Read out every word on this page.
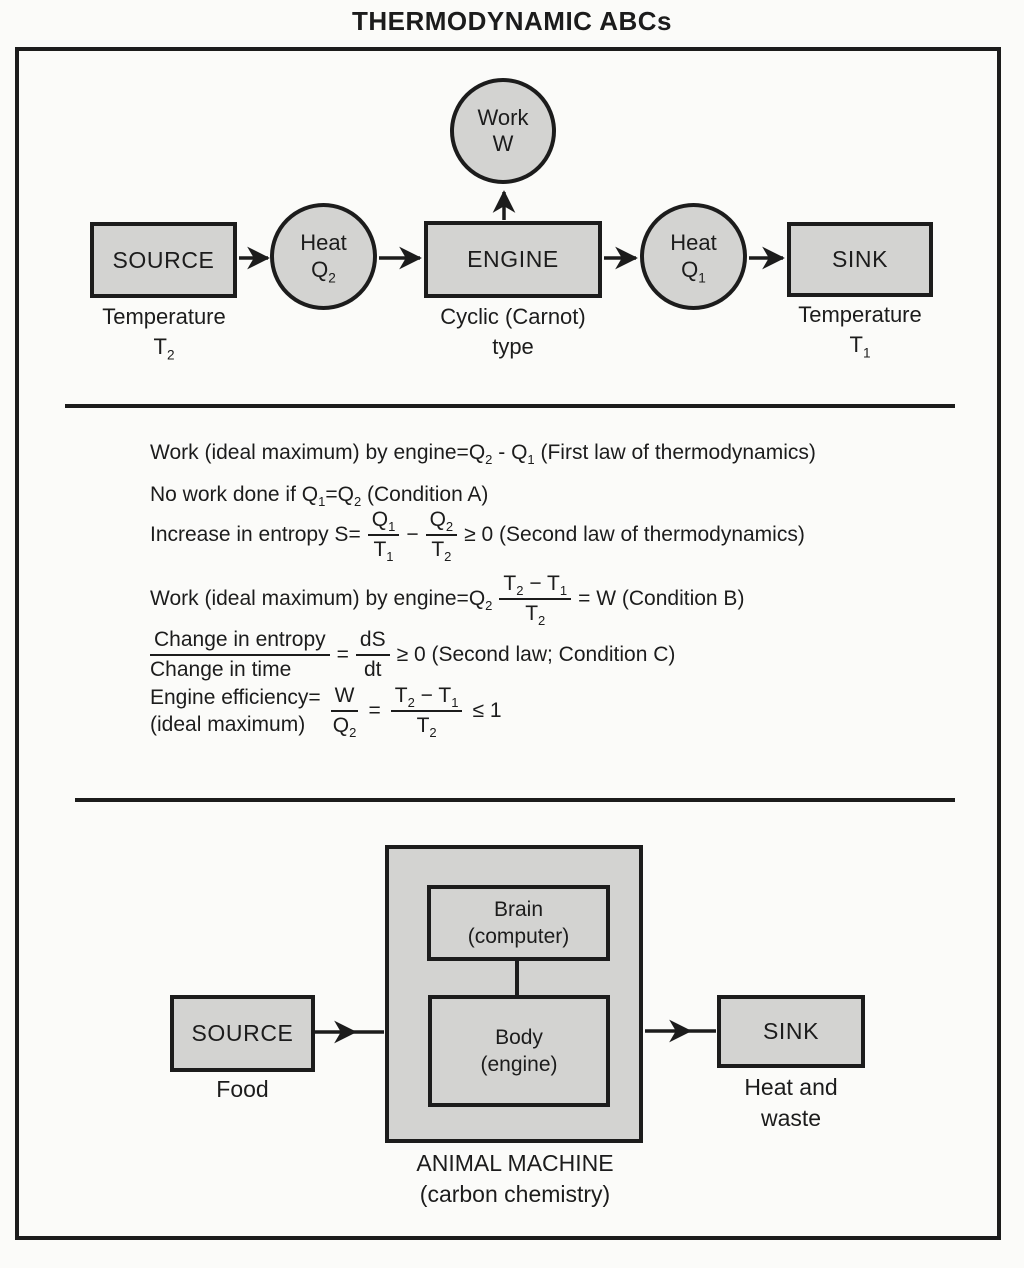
THERMODYNAMIC ABCs
Work
W
SOURCE
Temperature
$T_2$
Heat
$Q_2$
ENGINE
Cyclic (Carnot)
type
Heat
$Q_1$
SINK
Temperature
$T_1$
Work (ideal maximum) by $engine=Q_2 - Q_1$ (First law of thermodynamics)
No work done if $Q_1=Q_2$ (Condition A)
Increase in entropy $S= \frac{Q_1}{T_1} - \frac{Q_2}{T_2} \ge 0$ (Second law of thermodynamics)
Work (ideal maximum) by $engine=Q_2 \frac{T_2 - T_1}{T_2} = W$ (Condition B)
$\frac{\text{Change in entropy}}{\text{Change in time}} = \frac{dS}{dt} \ge 0$ (Second law; Condition C)
Engine efficiency=
(ideal maximum)	$\frac{W}{Q_2} = \frac{T_2 - T_1}{T_2} \le 1$
Brain
(computer)
Body
(engine)
SOURCE
Food
SINK
Heat and
waste
ANIMAL MACHINE
(carbon chemistry)
